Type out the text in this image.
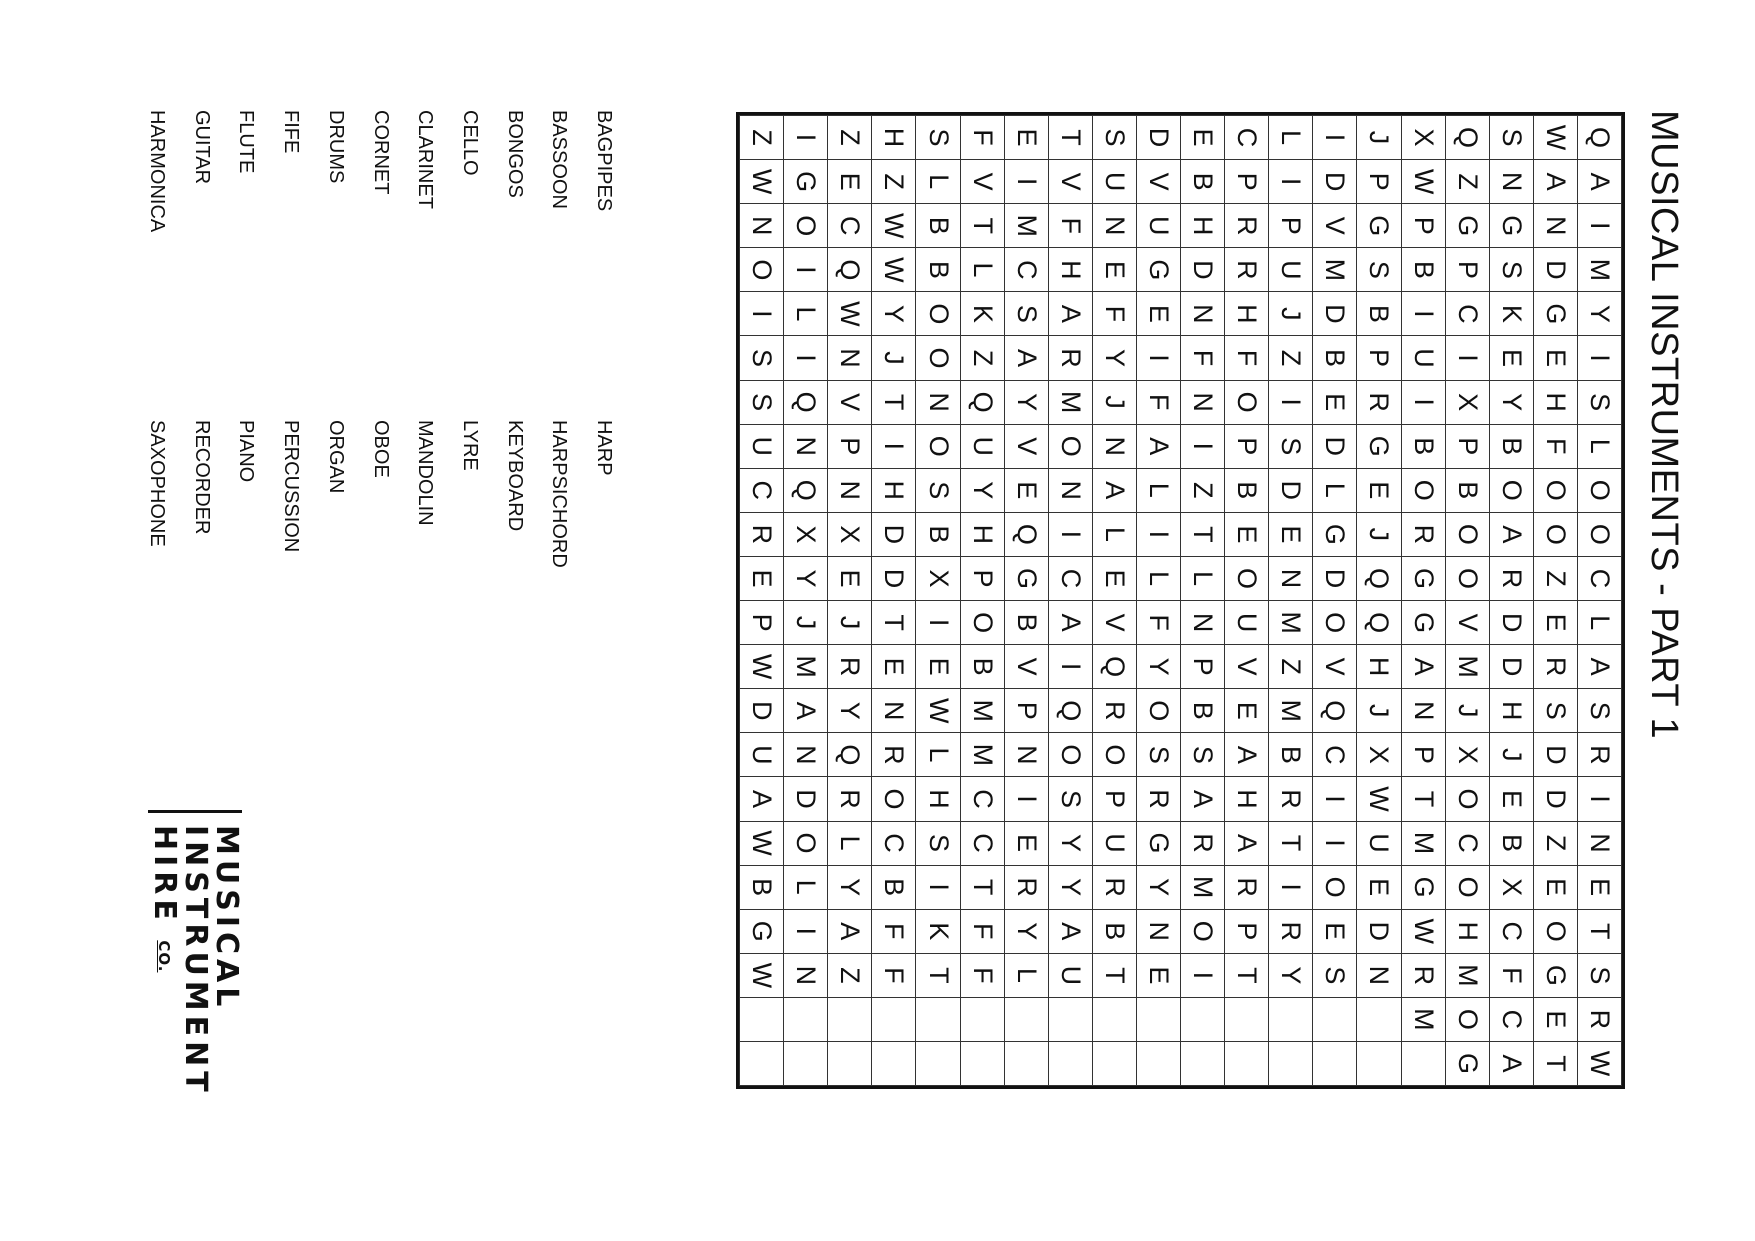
MUSICAL INSTRUMENTS - PART 1
Q	A	I	M	Y	I	S	L	O	O	C	L	A	S	R	I	N	E	T	S	R	W
W	A	N	D	G	E	H	F	O	O	Z	E	R	S	D	D	Z	E	O	G	E	T
S	N	G	S	K	E	Y	B	O	A	R	D	D	H	J	E	B	X	C	F	C	A
Q	Z	G	P	C	I	X	P	B	O	O	V	M	J	X	O	C	O	H	M	O	G
X	W	P	B	I	U	I	B	O	R	G	G	A	N	P	T	M	G	W	R	M	
J	P	G	S	B	P	R	G	E	J	Q	Q	H	J	X	W	U	E	D	N		
I	D	V	M	D	B	E	D	L	G	D	O	V	Q	C	I	I	O	E	S		
L	I	P	U	J	Z	I	S	D	E	N	M	Z	M	B	R	T	I	R	Y		
C	P	R	R	H	F	O	P	B	E	O	U	V	E	A	H	A	R	P	T		
E	B	H	D	N	F	N	I	Z	T	L	N	P	B	S	A	R	M	O	I		
D	V	U	G	E	I	F	A	L	I	L	F	Y	O	S	R	G	Y	N	E		
S	U	N	E	F	Y	J	N	A	L	E	V	Q	R	O	P	U	R	B	T		
T	V	F	H	A	R	M	O	N	I	C	A	I	Q	O	S	Y	Y	A	U		
E	I	M	C	S	A	Y	V	E	Q	G	B	V	P	N	I	E	R	Y	L		
F	V	T	L	K	Z	Q	U	Y	H	P	O	B	M	M	C	C	T	F	F		
S	L	B	B	O	O	N	O	S	B	X	I	E	W	L	H	S	I	K	T		
H	Z	W	W	Y	J	T	I	H	D	D	T	E	N	R	O	C	B	F	F		
Z	E	C	Q	W	N	V	P	N	X	E	J	R	Y	Q	R	L	Y	A	Z		
I	G	O	I	L	I	Q	N	Q	X	Y	J	M	A	N	D	O	L	I	N		
Z	W	N	O	I	S	S	U	C	R	E	P	W	D	U	A	W	B	G	W		
BAGPIPES
BASSOON
BONGOS
CELLO
CLARINET
CORNET
DRUMS
FIFE
FLUTE
GUITAR
HARMONICA
HARP
HARPSICHORD
KEYBOARD
LYRE
MANDOLIN
OBOE
ORGAN
PERCUSSION
PIANO
RECORDER
SAXOPHONE
MUSICAL
INSTRUMENT
HIRE CO.
